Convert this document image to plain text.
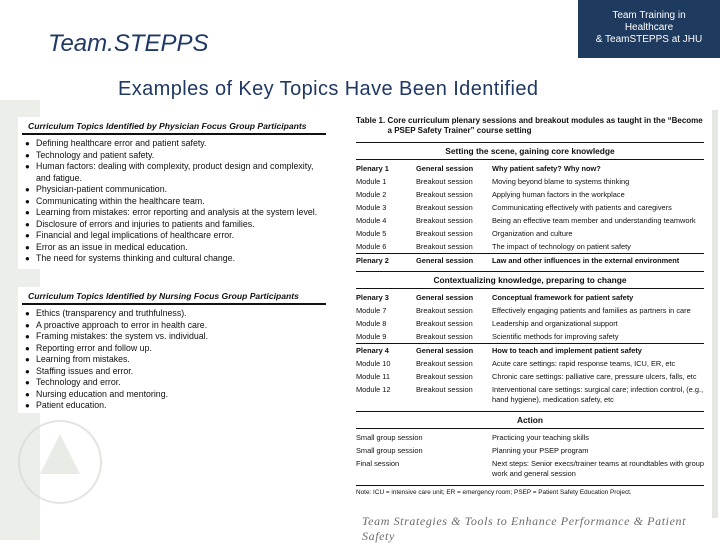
Team.STEPPS
Team Training in
Healthcare
& TeamSTEPPS at JHU
Examples of Key Topics Have Been Identified
Curriculum Topics Identified by Physician Focus Group Participants
● Defining healthcare error and patient safety.
● Technology and patient safety.
● Human factors: dealing with complexity, product design and complexity, and fatigue.
● Physician-patient communication.
● Communicating within the healthcare team.
● Learning from mistakes: error reporting and analysis at the system level.
● Disclosure of errors and injuries to patients and families.
● Financial and legal implications of healthcare error.
● Error as an issue in medical education.
● The need for systems thinking and cultural change.
Curriculum Topics Identified by Nursing Focus Group Participants
● Ethics (transparency and truthfulness).
● A proactive approach to error in health care.
● Framing mistakes: the system vs. individual.
● Reporting error and follow up.
● Learning from mistakes.
● Staffing issues and error.
● Technology and error.
● Nursing education and mentoring.
● Patient education.
Table 1. Core curriculum plenary sessions and breakout modules as taught in the “Become a PSEP Safety Trainer” course setting
Setting the scene, gaining core knowledge
Plenary 1	General session	Why patient safety? Why now?
Module 1	Breakout session	Moving beyond blame to systems thinking
Module 2	Breakout session	Applying human factors in the workplace
Module 3	Breakout session	Communicating effectively with patients and caregivers
Module 4	Breakout session	Being an effective team member and understanding teamwork
Module 5	Breakout session	Organization and culture
Module 6	Breakout session	The impact of technology on patient safety
Plenary 2	General session	Law and other influences in the external environment
Contextualizing knowledge, preparing to change
Plenary 3	General session	Conceptual framework for patient safety
Module 7	Breakout session	Effectively engaging patients and families as partners in care
Module 8	Breakout session	Leadership and organizational support
Module 9	Breakout session	Scientific methods for improving safety
Plenary 4	General session	How to teach and implement patient safety
Module 10	Breakout session	Acute care settings: rapid response teams, ICU, ER, etc
Module 11	Breakout session	Chronic care settings: palliative care, pressure ulcers, falls, etc
Module 12	Breakout session	Interventional care settings: surgical care; infection control, (e.g., hand hygiene), medication safety, etc
Action
Small group session	Practicing your teaching skills
Small group session	Planning your PSEP program
Final session	Next steps: Senior execs/trainer teams at roundtables with group work and general session
Note: ICU = intensive care unit; ER = emergency room; PSEP = Patient Safety Education Project.
Team Strategies & Tools to Enhance Performance & Patient Safety
